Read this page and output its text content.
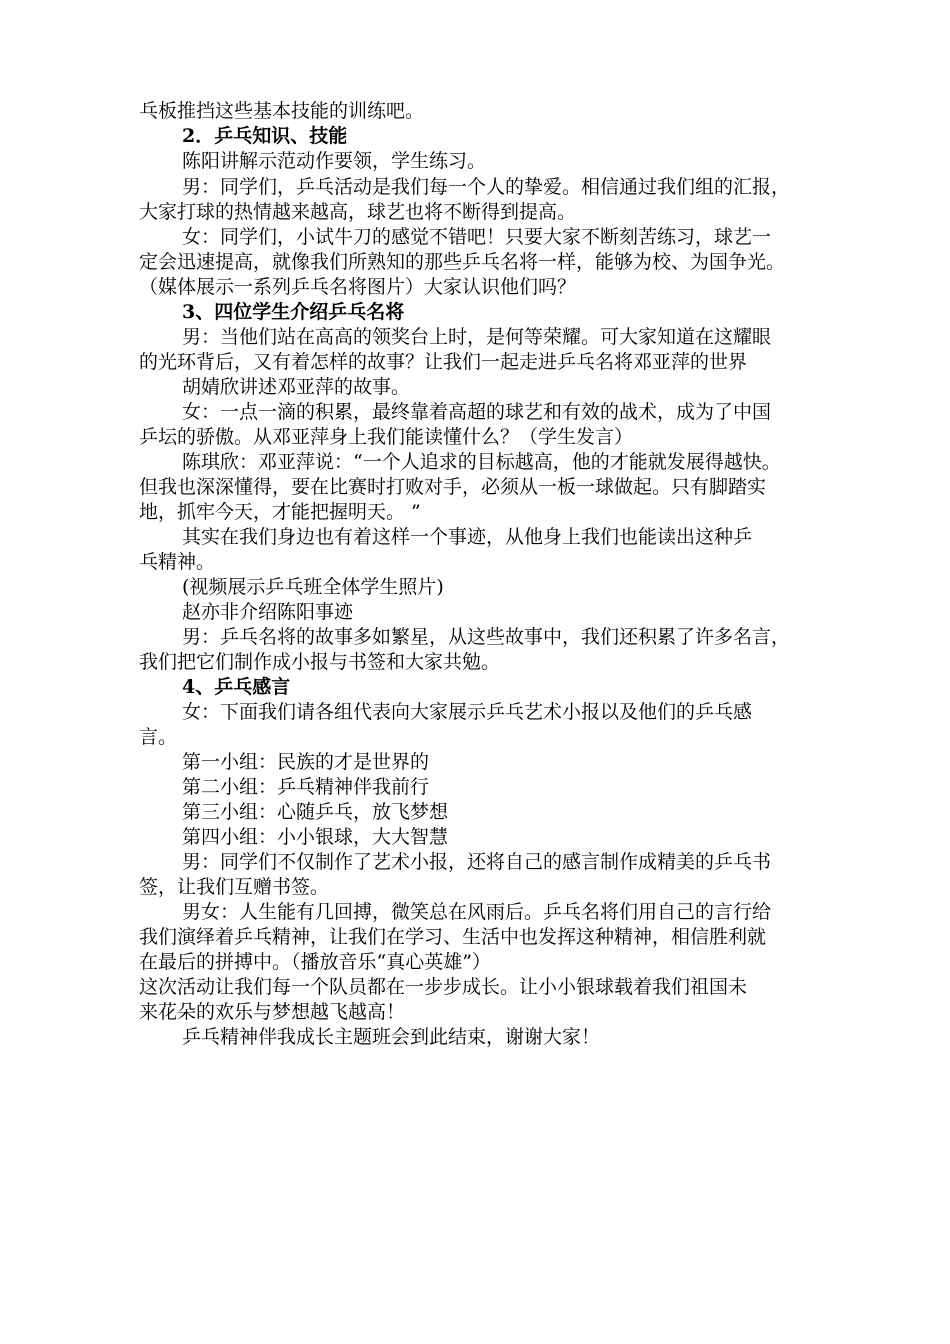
乓板推挡这些基本技能的训练吧。
2．乒乓知识、技能
陈阳讲解示范动作要领，学生练习。
男：同学们，乒乓活动是我们每一个人的挚爱。相信通过我们组的汇报，
大家打球的热情越来越高，球艺也将不断得到提高。
女：同学们，小试牛刀的感觉不错吧！只要大家不断刻苦练习，球艺一
定会迅速提高，就像我们所熟知的那些乒乓名将一样，能够为校、为国争光。
（媒体展示一系列乒乓名将图片）大家认识他们吗？
3、四位学生介绍乒乓名将
男：当他们站在高高的领奖台上时，是何等荣耀。可大家知道在这耀眼
的光环背后，又有着怎样的故事？让我们一起走进乒乓名将邓亚萍的世界
胡婧欣讲述邓亚萍的故事。
女：一点一滴的积累，最终靠着高超的球艺和有效的战术，成为了中国
乒坛的骄傲。从邓亚萍身上我们能读懂什么？（学生发言）
陈琪欣：邓亚萍说：“一个人追求的目标越高，他的才能就发展得越快。
但我也深深懂得，要在比赛时打败对手，必须从一板一球做起。只有脚踏实
地，抓牢今天，才能把握明天。 ”
其实在我们身边也有着这样一个事迹，从他身上我们也能读出这种乒
乓精神。
(视频展示乒乓班全体学生照片)
赵亦非介绍陈阳事迹
男：乒乓名将的故事多如繁星，从这些故事中，我们还积累了许多名言，
我们把它们制作成小报与书签和大家共勉。
4、乒乓感言
女：下面我们请各组代表向大家展示乒乓艺术小报以及他们的乒乓感
言。
第一小组：民族的才是世界的
第二小组：乒乓精神伴我前行
第三小组：心随乒乓，放飞梦想
第四小组：小小银球，大大智慧
男：同学们不仅制作了艺术小报，还将自己的感言制作成精美的乒乓书
签，让我们互赠书签。
男女：人生能有几回搏，微笑总在风雨后。乒乓名将们用自己的言行给
我们演绎着乒乓精神，让我们在学习、生活中也发挥这种精神，相信胜利就
在最后的拼搏中。（播放音乐“真心英雄”）
这次活动让我们每一个队员都在一步步成长。让小小银球载着我们祖国未
来花朵的欢乐与梦想越飞越高！
乒乓精神伴我成长主题班会到此结束，谢谢大家！
